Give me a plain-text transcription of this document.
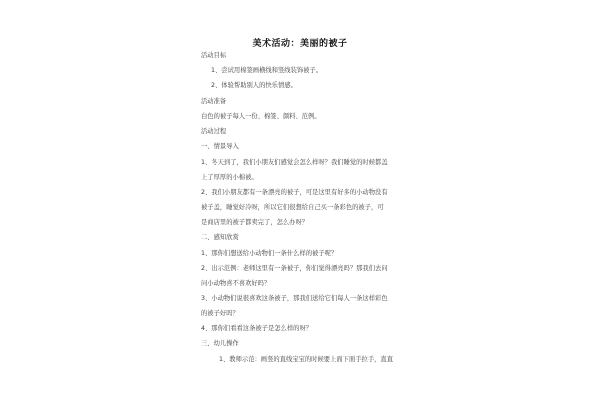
美术活动：美丽的被子
活动目标
1、尝试用棉签画横线和竖线装饰被子。
2、体验帮助别人的快乐情感。
活动准备
白色的被子每人一份、棉签、颜料、范例。
活动过程
一、情景导入
1、冬天到了，我们小朋友们感觉会怎么样呀？我们睡觉的时候都盖
上了厚厚的小棉被。
2、我们小朋友都有一条漂亮的被子，可是这里有好多的小动物没有
被子盖，睡觉好冷呀，所以它们很想给自己买一条彩色的被子，可
是商店里的被子都卖完了，怎么办呀？
二、感知欣赏
1、那你们想送给小动物们一条什么样的被子呢？
2、出示范例：老师这里有一条被子，你们觉得漂亮吗？那我们去问
问小动物喜不喜欢好吗？
3、小动物们说很喜欢这条被子，那我们送给它们每人一条这样彩色
的被子好吗？
4、那你们看看这条被子是怎么样的呀？
三、幼儿操作
1、教师示范：画竖的直线宝宝的时候要上面下面手拉手，直直
